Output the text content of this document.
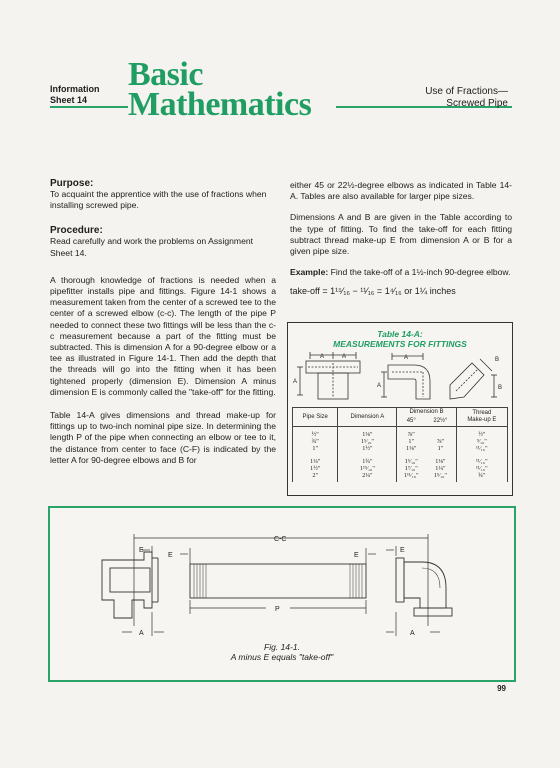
Information
Sheet 14
Basic
Mathematics	Use of Fractions—
Screwed Pipe
Purpose:
To acquaint the apprentice with the use of fractions when installing screwed pipe.
Procedure:
Read carefully and work the problems on Assignment Sheet 14.
A thorough knowledge of fractions is needed when a pipefitter installs pipe and fittings. Figure 14-1 shows a measurement taken from the center of a screwed tee to the center of a screwed elbow (c-c). The length of the pipe P needed to connect these two fittings will be less than the c-c measurement because a part of the fitting must be subtracted. This is dimension A for a 90-degree elbow or a tee as illustrated in Figure 14-1. Then add the depth that the threads will go into the fitting when it has been tightened properly (dimension E). Dimension A minus dimension E is commonly called the "take-off" for the fitting.
Table 14-A gives dimensions and thread make-up for fittings up to two-inch nominal pipe size. In determining the length P of the pipe when connecting an elbow or tee to it, the distance from center to face (C-F) is indicated by the letter A for 90-degree elbows and B for
either 45 or 22½-degree elbows as indicated in Table 14-A. Tables are also available for larger pipe sizes.
Dimensions A and B are given in the Table according to the type of fitting. To find the take-off for each fitting subtract thread make-up E from dimension A or B for a given pipe size.
Example: Find the take-off of a 1½-inch 90-degree elbow.
take-off = 1¹⁵⁄₁₆ − ¹¹⁄₁₆ = 1⁴⁄₁₆ or 1¼ inches
Table 14-A:
MEASUREMENTS FOR FITTINGS
A	A
A
A
A
B
B
Pipe Size	Dimension A	Dimension B		Thread
Make-up E

		45°	22½°	
½"	1⅛"	⅞"		½"
¾"	1⁵⁄₁₆"	1"	⅞"	⁹⁄₁₆"
1"	1½"	1⅛"	1"	¹¹⁄₁₆"
1¼"	1¾"	1⁵⁄₁₆"	1⅛"	¹¹⁄₁₆"
1½"	1¹⁵⁄₁₆"	1⁷⁄₁₆"	1¼"	¹¹⁄₁₆"
2"	2¼"	1¹¹⁄₁₆"	1⁵⁄₁₆"	¾"
C-C
E
E	E
E
P
A	A
Fig. 14-1.
A minus E equals "take-off"
99
